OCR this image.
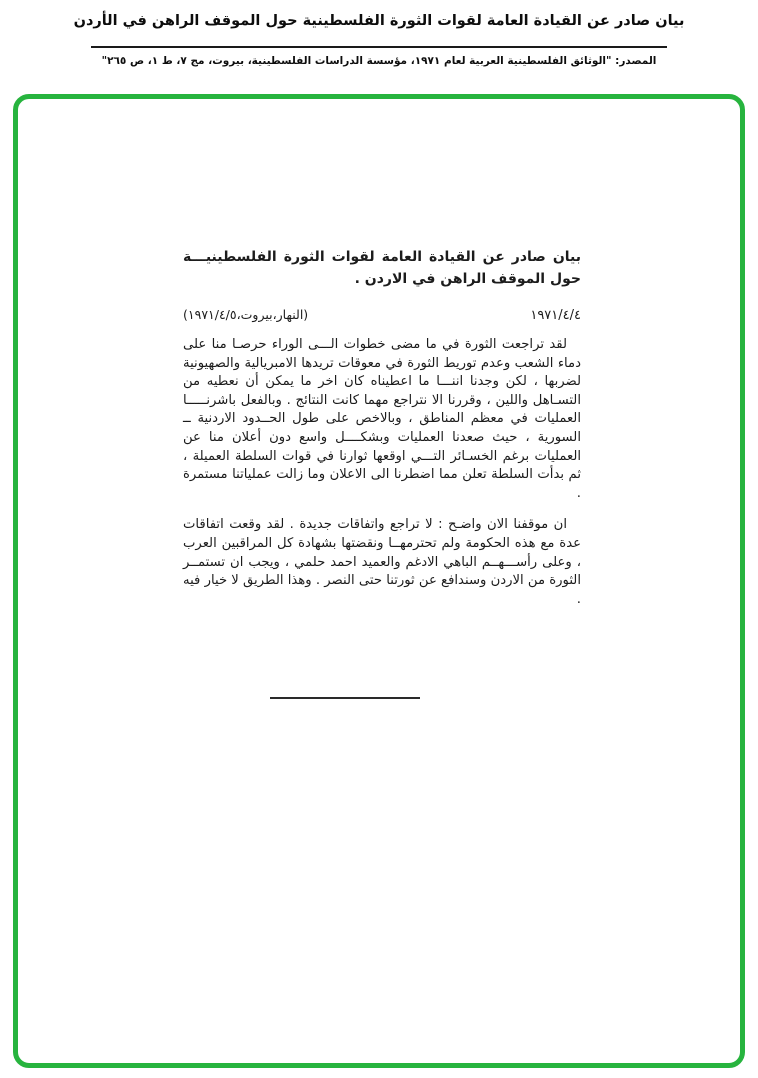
بيان صادر عن القيادة العامة لقوات الثورة الفلسطينية حول الموقف الراهن في الأردن
المصدر: "الوثائق الفلسطينية العربية لعام ١٩٧١، مؤسسة الدراسات الفلسطينية، بيروت، مج ٧، ط ١، ص ٢٦٥"
بيان صادر عن القيادة العامة لقوات الثورة الفلسطينيـــة
حول الموقف الراهن في الاردن .
١٩٧١/٤/٤
(النهار،بيروت،١٩٧١/٤/٥)

لقد تراجعت الثورة في ما مضى خطوات الـــى الوراء حرصـا منا على دماء الشعب وعدم توريط الثورة في معوقات تريدها الامبريالية والصهيونية لضربها ، لكن وجدنا اننـــا ما اعطيناه كان اخر ما يمكن أن نعطيه من التسـاهل واللين ، وقررنا الا نتراجع مهما كانت النتائج . وبالفعل باشرنـــــا العمليات في معظم المناطق ، وبالاخص على طول الحــدود الاردنية ــ السورية ، حيث صعدنا العمليات وبشكــــل واسع دون أعلان منا عن العمليات برغم الخسـائر التـــي اوقعها ثوارنا في قوات السلطة العميلة ، ثم بدأت السلطة تعلن مما اضطرنا الى الاعلان وما زالت عملياتنا مستمرة .

ان موقفنا الان واضـح : لا تراجع واتفاقات جديدة . لقد وقعت اتفاقات عدة مع هذه الحكومة ولم تحترمهــا ونقضتها بشهادة كل المراقبين العرب ، وعلى رأســـهــم الباهي الادغم والعميد احمد حلمي ، ويجب ان تستمــر الثورة من الاردن وسندافع عن ثورتنا حتى النصر . وهذا الطريق لا خيار فيه .
